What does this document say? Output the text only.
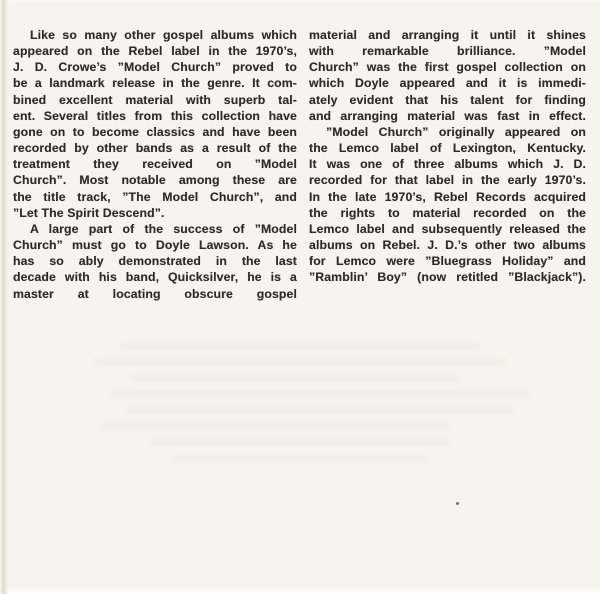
Like so many other gospel albums which
appeared on the Rebel label in the 1970’s,
J. D. Crowe’s ”Model Church” proved to
be a landmark release in the genre. It com-
bined excellent material with superb tal-
ent. Several titles from this collection have
gone on to become classics and have been
recorded by other bands as a result of the
treatment they received on ”Model
Church”. Most notable among these are
the title track, ”The Model Church”, and
”Let The Spirit Descend”.
A large part of the success of ”Model
Church” must go to Doyle Lawson. As he
has so ably demonstrated in the last
decade with his band, Quicksilver, he is a
master at locating obscure gospel
material and arranging it until it shines
with remarkable brilliance. ”Model
Church” was the first gospel collection on
which Doyle appeared and it is immedi-
ately evident that his talent for finding
and arranging material was fast in effect.
”Model Church” originally appeared on
the Lemco label of Lexington, Kentucky.
It was one of three albums which J. D.
recorded for that label in the early 1970’s.
In the late 1970’s, Rebel Records acquired
the rights to material recorded on the
Lemco label and subsequently released the
albums on Rebel. J. D.’s other two albums
for Lemco were ”Bluegrass Holiday” and
”Ramblin’ Boy” (now retitled ”Blackjack”).
